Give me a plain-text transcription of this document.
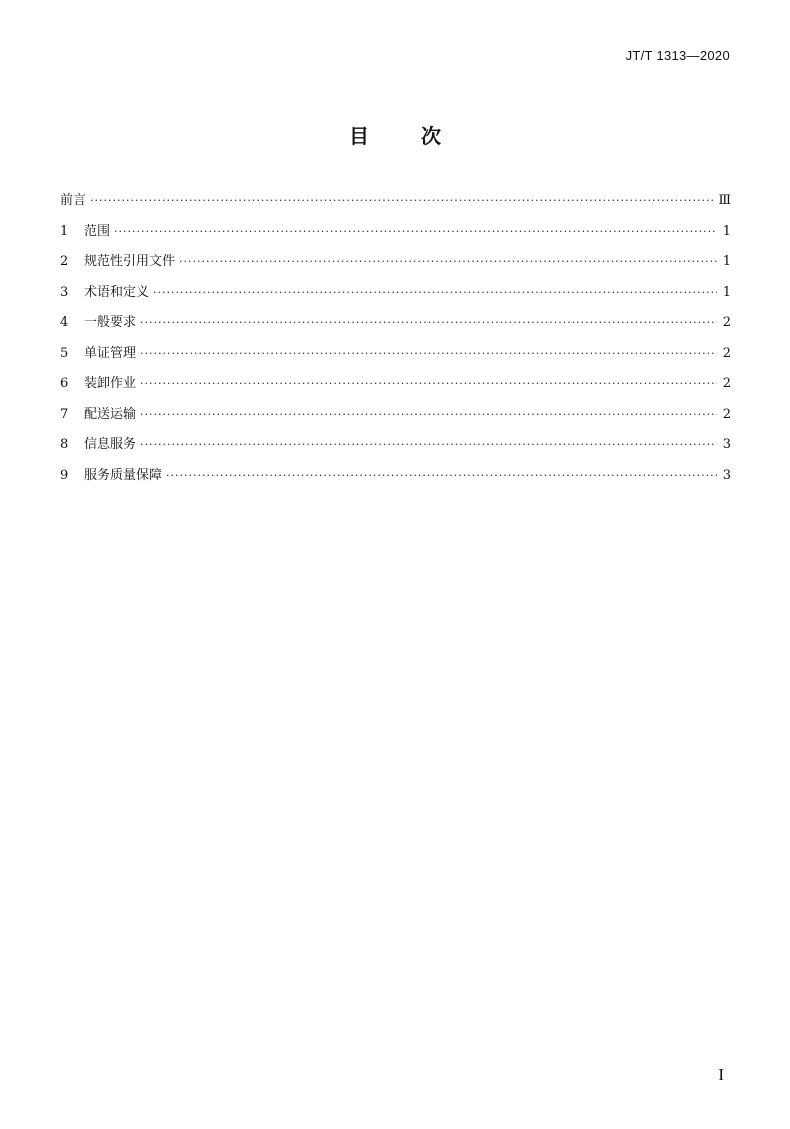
JT/T 1313—2020
目	次
前言 ·····	Ⅲ
1	范围 ·····	1
2	规范性引用文件 ·····	1
3	术语和定义 ·····	1
4	一般要求 ·····	2
5	单证管理 ·····	2
6	装卸作业 ·····	2
7	配送运输 ·····	2
8	信息服务 ·····	3
9	服务质量保障 ·····	3
I
